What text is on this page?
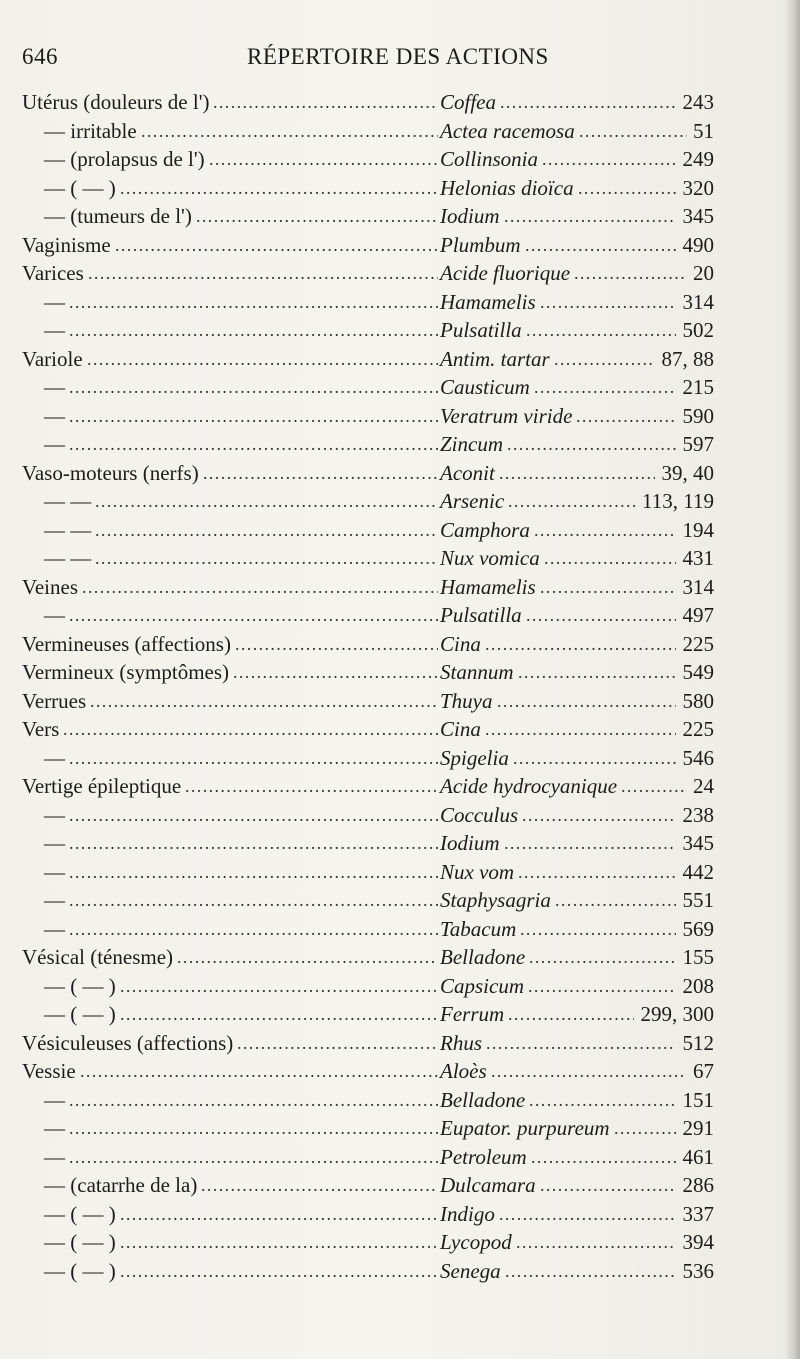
646	RÉPERTOIRE DES ACTIONS
.....
.....
Utérus (douleurs de l')	Coffea	243
.....
.....
— irritable	Actea racemosa	51
.....
.....
— (prolapsus de l')	Collinsonia	249
.....
.....
— ( — )	Helonias dioïca	320
.....
.....
— (tumeurs de l')	Iodium	345
.....
.....
Vaginisme	Plumbum	490
.....
.....
Varices	Acide fluorique	20
.....
.....
—	Hamamelis	314
.....
.....
—	Pulsatilla	502
.....
.....
Variole	Antim. tartar	87, 88
.....
.....
—	Causticum	215
.....
.....
—	Veratrum viride	590
.....
.....
—	Zincum	597
.....
.....
Vaso-moteurs (nerfs)	Aconit	39, 40
.....
.....
— —	Arsenic	113, 119
.....
.....
— —	Camphora	194
.....
.....
— —	Nux vomica	431
.....
.....
Veines	Hamamelis	314
.....
.....
—	Pulsatilla	497
.....
.....
Vermineuses (affections)	Cina	225
.....
.....
Vermineux (symptômes)	Stannum	549
.....
.....
Verrues	Thuya	580
.....
.....
Vers	Cina	225
.....
.....
—	Spigelia	546
.....
.....
Vertige épileptique	Acide hydrocyanique	24
.....
.....
—	Cocculus	238
.....
.....
—	Iodium	345
.....
.....
—	Nux vom	442
.....
.....
—	Staphysagria	551
.....
.....
—	Tabacum	569
.....
.....
Vésical (ténesme)	Belladone	155
.....
.....
— ( — )	Capsicum	208
.....
.....
— ( — )	Ferrum	299, 300
.....
.....
Vésiculeuses (affections)	Rhus	512
.....
.....
Vessie	Aloès	67
.....
.....
—	Belladone	151
.....
.....
—	Eupator. purpureum	291
.....
.....
—	Petroleum	461
.....
.....
— (catarrhe de la)	Dulcamara	286
.....
.....
— ( — )	Indigo	337
.....
.....
— ( — )	Lycopod	394
.....
.....
— ( — )	Senega	536
